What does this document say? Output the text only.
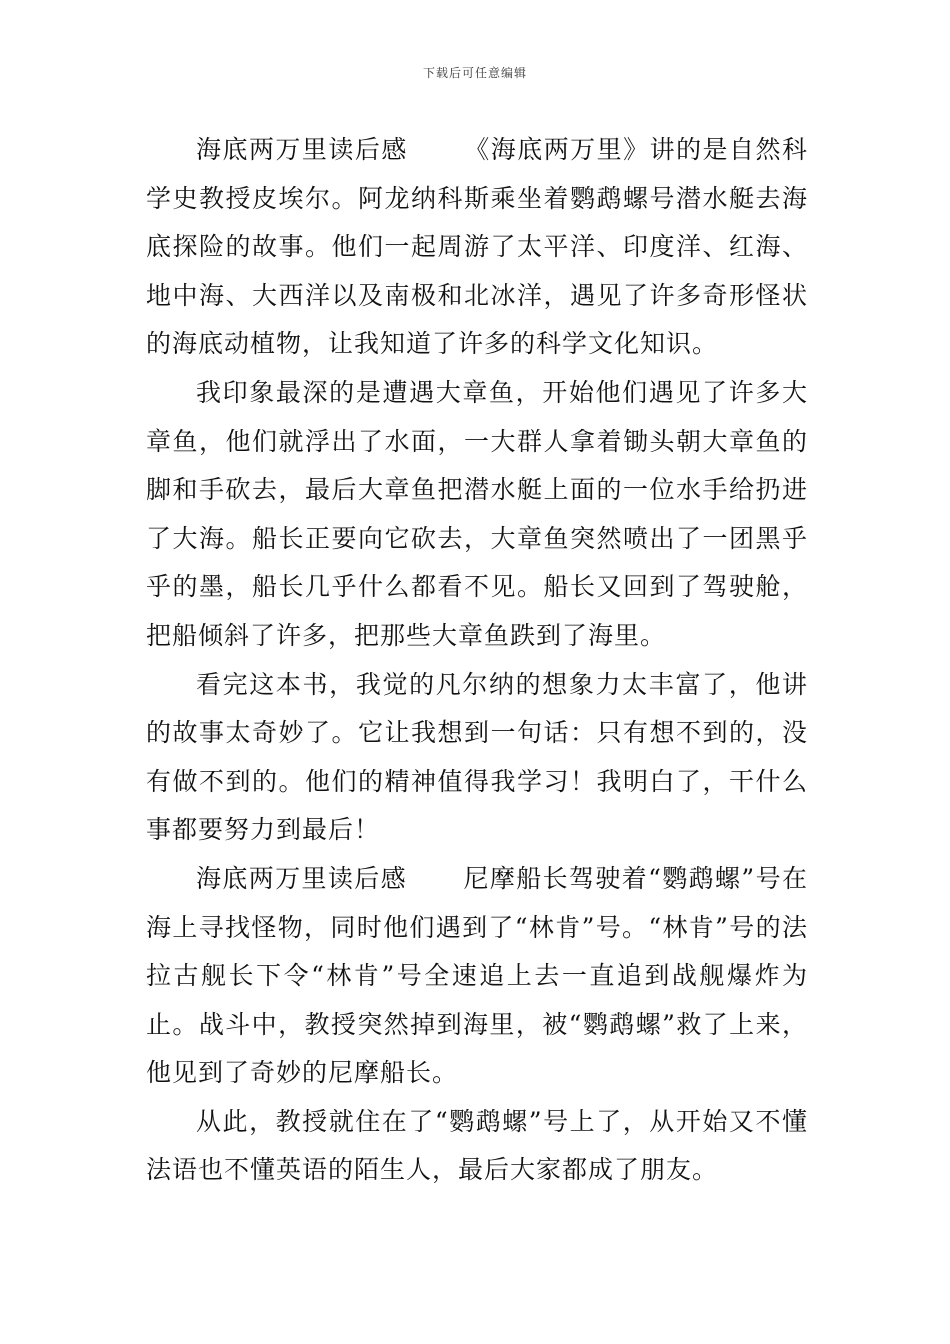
下载后可任意编辑

海底两万里读后感 《海底两万里》讲的是自然科学史教授皮埃尔。阿龙纳科斯乘坐着鹦鹉螺号潜水艇去海底探险的故事。他们一起周游了太平洋、印度洋、红海、地中海、大西洋以及南极和北冰洋，遇见了许多奇形怪状的海底动植物，让我知道了许多的科学文化知识。

我印象最深的是遭遇大章鱼，开始他们遇见了许多大章鱼，他们就浮出了水面，一大群人拿着锄头朝大章鱼的脚和手砍去，最后大章鱼把潜水艇上面的一位水手给扔进了大海。船长正要向它砍去，大章鱼突然喷出了一团黑乎乎的墨，船长几乎什么都看不见。船长又回到了驾驶舱，把船倾斜了许多，把那些大章鱼跌到了海里。

看完这本书，我觉的凡尔纳的想象力太丰富了，他讲的故事太奇妙了。它让我想到一句话：只有想不到的，没有做不到的。他们的精神值得我学习！我明白了，干什么事都要努力到最后！

海底两万里读后感 尼摩船长驾驶着“鹦鹉螺”号在海上寻找怪物，同时他们遇到了“林肯”号。“林肯”号的法拉古舰长下令“林肯”号全速追上去一直追到战舰爆炸为止。战斗中，教授突然掉到海里，被“鹦鹉螺”救了上来，他见到了奇妙的尼摩船长。

从此，教授就住在了“鹦鹉螺”号上了，从开始又不懂法语也不懂英语的陌生人，最后大家都成了朋友。
